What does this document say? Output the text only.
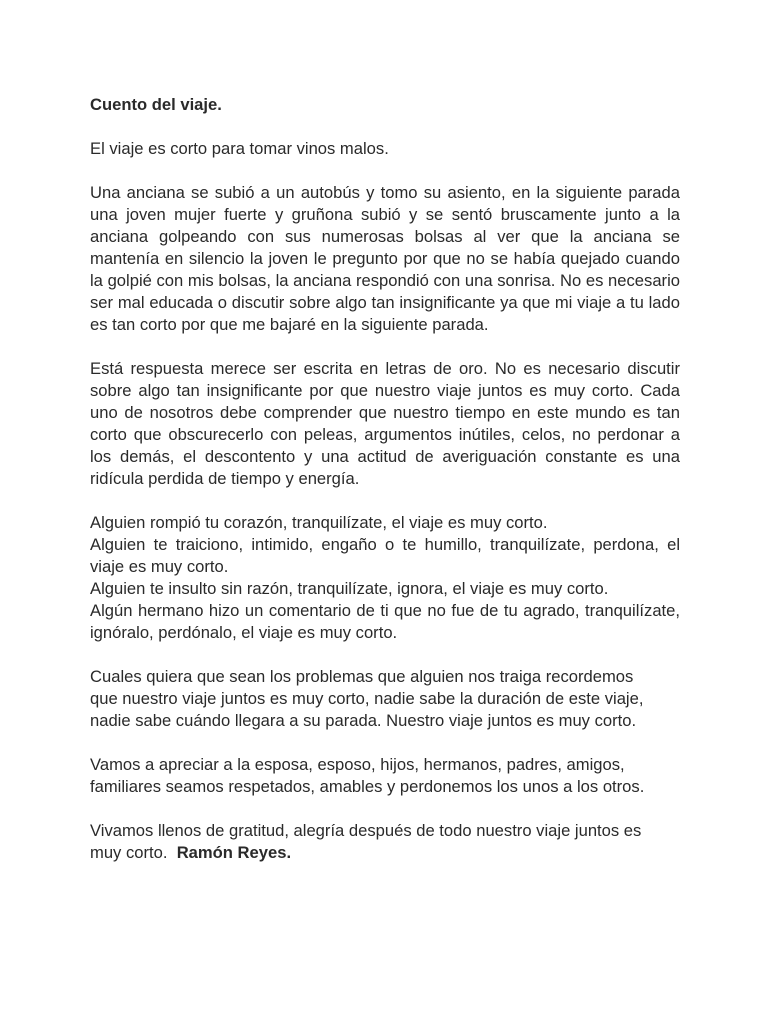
Cuento del viaje.
El viaje es corto para tomar vinos malos.
Una anciana se subió a un autobús y tomo su asiento, en la siguiente parada una joven mujer fuerte y gruñona subió y se sentó bruscamente junto a la anciana golpeando con sus numerosas bolsas al ver que la anciana se mantenía en silencio la joven le pregunto por que no se había quejado cuando la golpié con mis bolsas, la anciana respondió con una sonrisa. No es necesario ser mal educada o discutir sobre algo tan insignificante ya que mi viaje a tu lado es tan corto por que me bajaré en la siguiente parada.
Está respuesta merece ser escrita en letras de oro. No es necesario discutir sobre algo tan insignificante por que nuestro viaje juntos es muy corto. Cada uno de nosotros debe comprender que nuestro tiempo en este mundo es tan corto que obscurecerlo con peleas, argumentos inútiles, celos, no perdonar a los demás, el descontento y una actitud de averiguación constante es una ridícula perdida de tiempo y energía.
Alguien rompió tu corazón, tranquilízate, el viaje es muy corto.
Alguien te traiciono, intimido, engaño o te humillo, tranquilízate, perdona, el viaje es muy corto.
Alguien te insulto sin razón, tranquilízate, ignora, el viaje es muy corto.
Algún hermano hizo un comentario de ti que no fue de tu agrado, tranquilízate, ignóralo, perdónalo, el viaje es muy corto.
Cuales quiera que sean los problemas que alguien nos traiga recordemos
que nuestro viaje juntos es muy corto, nadie sabe la duración de este viaje,
nadie sabe cuándo llegara a su parada. Nuestro viaje juntos es muy corto.
Vamos a apreciar a la esposa, esposo, hijos, hermanos, padres, amigos,
familiares seamos respetados, amables y perdonemos los unos a los otros.
Vivamos llenos de gratitud, alegría después de todo nuestro viaje juntos es
muy corto. Ramón Reyes.
